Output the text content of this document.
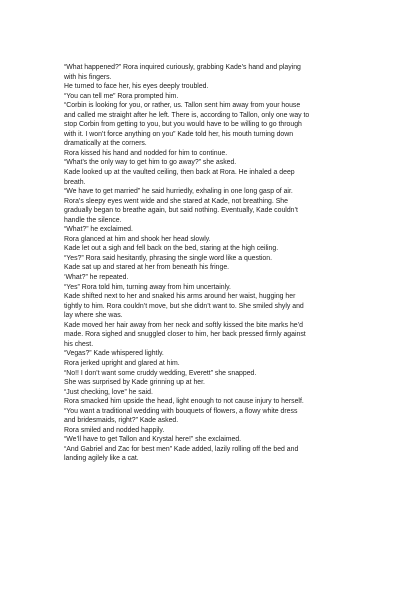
“What happened?” Rora inquired curiously, grabbing Kade’s hand and playing
with his fingers.
He turned to face her, his eyes deeply troubled.
“You can tell me” Rora prompted him.
“Corbin is looking for you, or rather, us. Tallon sent him away from your house
and called me straight after he left. There is, according to Tallon, only one way to
stop Corbin from getting to you, but you would have to be willing to go through
with it. I won’t force anything on you” Kade told her, his mouth turning down
dramatically at the corners.
Rora kissed his hand and nodded for him to continue.
“What’s the only way to get him to go away?” she asked.
Kade looked up at the vaulted ceiling, then back at Rora. He inhaled a deep
breath.
“We have to get married” he said hurriedly, exhaling in one long gasp of air.
Rora’s sleepy eyes went wide and she stared at Kade, not breathing. She
gradually began to breathe again, but said nothing. Eventually, Kade couldn’t
handle the silence.
“What?” he exclaimed.
Rora glanced at him and shook her head slowly.
Kade let out a sigh and fell back on the bed, staring at the high ceiling.
“Yes?” Rora said hesitantly, phrasing the single word like a question.
Kade sat up and stared at her from beneath his fringe.
‘What?” he repeated.
“Yes” Rora told him, turning away from him uncertainly.
Kade shifted next to her and snaked his arms around her waist, hugging her
tightly to him. Rora couldn’t move, but she didn’t want to. She smiled shyly and
lay where she was.
Kade moved her hair away from her neck and softly kissed the bite marks he’d
made. Rora sighed and snuggled closer to him, her back pressed firmly against
his chest.
“Vegas?” Kade whispered lightly.
Rora jerked upright and glared at him.
“No!! I don’t want some cruddy wedding, Everett” she snapped.
She was surprised by Kade grinning up at her.
“Just checking, love” he said.
Rora smacked him upside the head, light enough to not cause injury to herself.
“You want a traditional wedding with bouquets of flowers, a flowy white dress
and bridesmaids, right?” Kade asked.
Rora smiled and nodded happily.
“We’ll have to get Tallon and Krystal here!” she exclaimed.
“And Gabriel and Zac for best men” Kade added, lazily rolling off the bed and
landing agilely like a cat.
